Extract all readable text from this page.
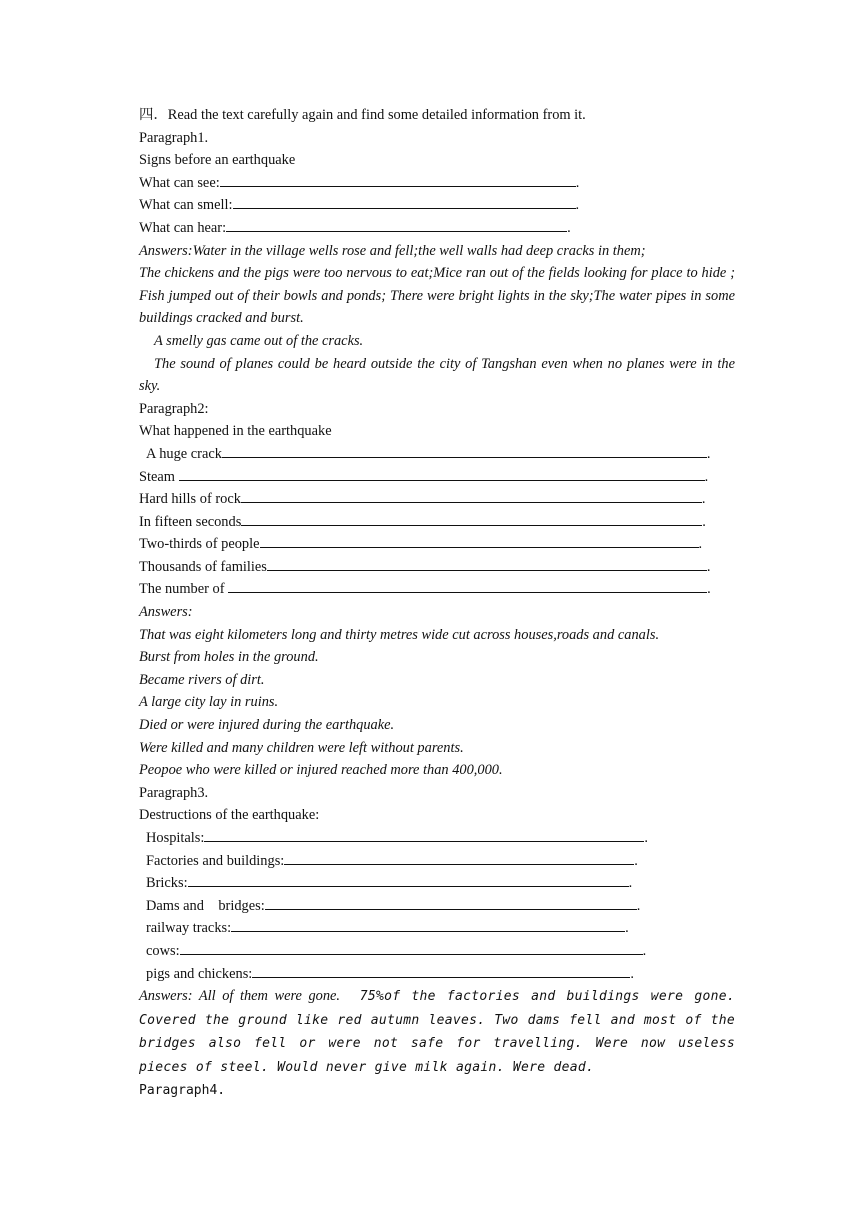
四．Read the text carefully again and find some detailed information from it.
Paragraph1.
Signs before an earthquake
What can see:	.
What can smell:	.
What can hear:	.
Answers:Water in the village wells rose and fell;the well walls had deep cracks in them;
The chickens and the pigs were too nervous to eat;Mice ran out of the fields looking for place to hide ; Fish jumped out of their bowls and ponds; There were bright lights in the sky;The water pipes in some buildings cracked and burst.
A smelly gas came out of the cracks.
The sound of planes could be heard outside the city of Tangshan even when no planes were in the sky.
Paragraph2:
What happened in the earthquake
A huge crack	.
Steam	.
Hard hills of rock	.
In fifteen seconds	.
Two-thirds of people	.
Thousands of families	.
The number of	.
Answers:
That was eight kilometers long and thirty metres wide cut across houses,roads and canals.
Burst from holes in the ground.
Became rivers of dirt.
A large city lay in ruins.
Died or were injured during the earthquake.
Were killed and many children were left without parents.
Peopoe who were killed or injured reached more than 400,000.
Paragraph3.
Destructions of the earthquake:
Hospitals:	.
Factories and buildings:	.
Bricks:	.
Dams and    bridges:	.
railway tracks:	.
cows:	.
pigs and chickens:	.
Answers: All of them were gone. 75%of the factories and buildings were gone. Covered the ground like red autumn leaves. Two dams fell and most of the bridges also fell or were not safe for travelling. Were now useless pieces of steel. Would never give milk again. Were dead.
Paragraph4.
